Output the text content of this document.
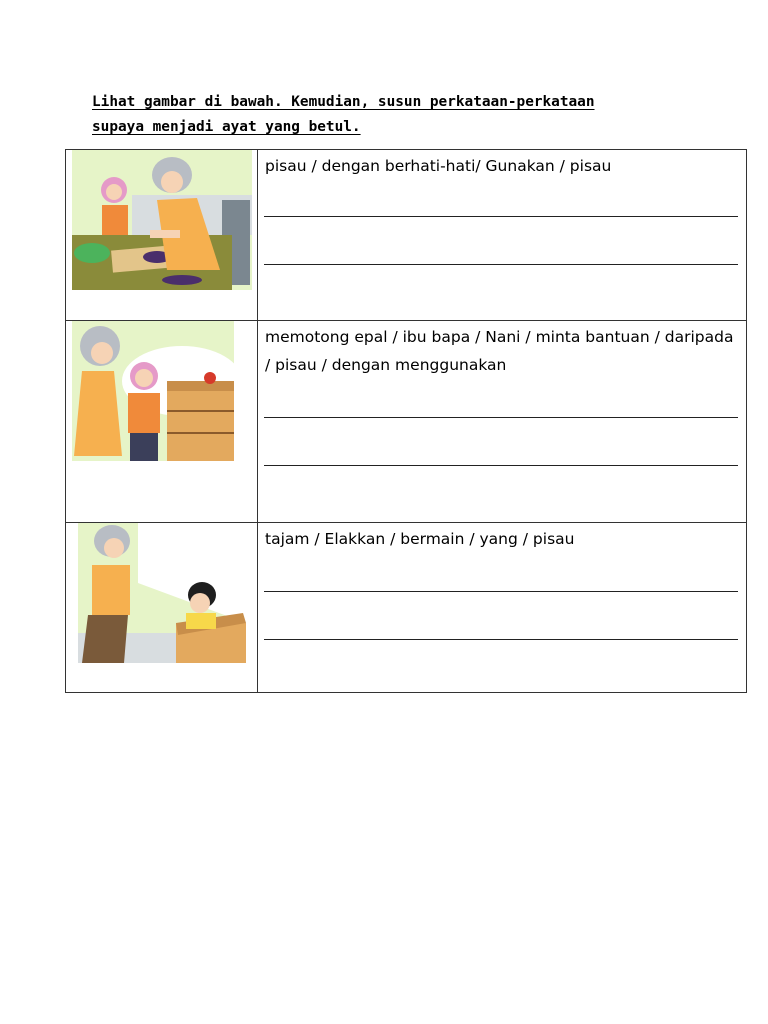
Lihat gambar di bawah. Kemudian, susun perkataan-perkataan
supaya menjadi ayat yang betul.

pisau / dengan berhati-hati/ Gunakan / pisau

memotong epal / ibu bapa / Nani / minta bantuan / daripada / pisau / dengan menggunakan

tajam / Elakkan / bermain / yang / pisau
